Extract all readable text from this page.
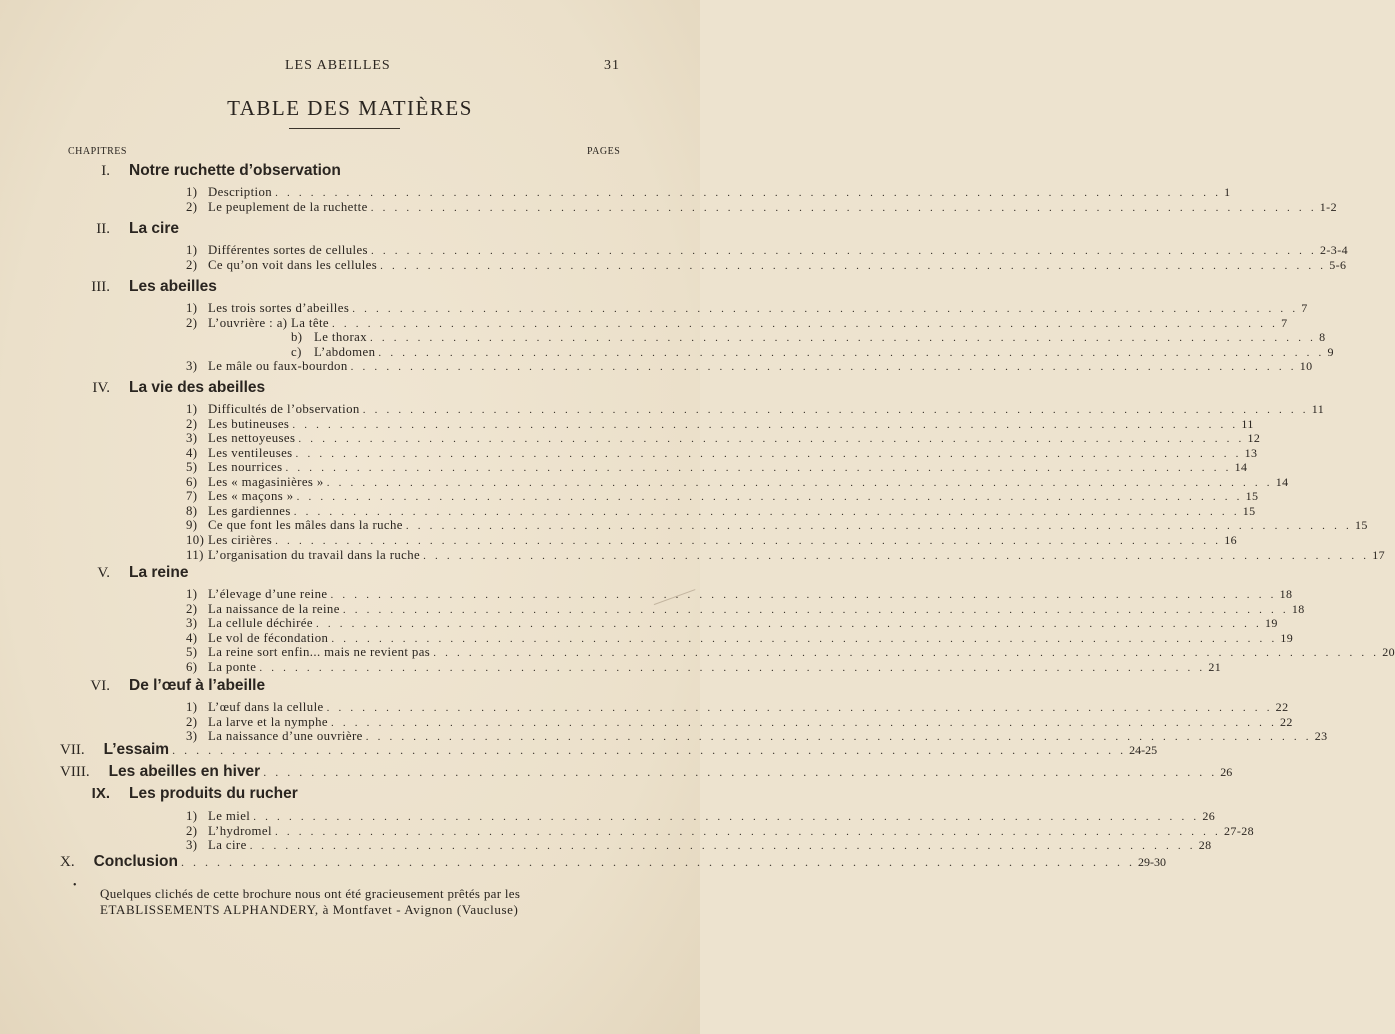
LES ABEILLES	31
TABLE DES MATIÈRES
CHAPITRES	PAGES
I. Notre ruchette d’observation
1) Description . . . . . . . . . . . . . . . . . . . . . . . . . . . . . . . . . . . . . . . . . . . . . . . . . . . . . . . . . . . . . . . . . . . . . . . . . . . . . . . . 1
2) Le peuplement de la ruchette . . . . . . . . . . . . . . . . . . . . . . . . . . . . . . . . . . . . . . . . . . . . . . . . . . . . . . . . . . . . . . . . . . . . . . . . . . . . . . . . 1-2
II. La cire
1) Différentes sortes de cellules . . . . . . . . . . . . . . . . . . . . . . . . . . . . . . . . . . . . . . . . . . . . . . . . . . . . . . . . . . . . . . . . . . . . . . . . . . . . . . . . 2-3-4
2) Ce qu’on voit dans les cellules . . . . . . . . . . . . . . . . . . . . . . . . . . . . . . . . . . . . . . . . . . . . . . . . . . . . . . . . . . . . . . . . . . . . . . . . . . . . . . . . 5-6
III. Les abeilles
1) Les trois sortes d’abeilles . . . . . . . . . . . . . . . . . . . . . . . . . . . . . . . . . . . . . . . . . . . . . . . . . . . . . . . . . . . . . . . . . . . . . . . . . . . . . . . . 7
2) L’ouvrière : a) La tête . . . . . . . . . . . . . . . . . . . . . . . . . . . . . . . . . . . . . . . . . . . . . . . . . . . . . . . . . . . . . . . . . . . . . . . . . . . . . . . . 7
b) Le thorax . . . . . . . . . . . . . . . . . . . . . . . . . . . . . . . . . . . . . . . . . . . . . . . . . . . . . . . . . . . . . . . . . . . . . . . . . . . . . . . . 8
c) L’abdomen . . . . . . . . . . . . . . . . . . . . . . . . . . . . . . . . . . . . . . . . . . . . . . . . . . . . . . . . . . . . . . . . . . . . . . . . . . . . . . . . 9
3) Le mâle ou faux-bourdon . . . . . . . . . . . . . . . . . . . . . . . . . . . . . . . . . . . . . . . . . . . . . . . . . . . . . . . . . . . . . . . . . . . . . . . . . . . . . . . . 10
IV. La vie des abeilles
1) Difficultés de l’observation . . . . . . . . . . . . . . . . . . . . . . . . . . . . . . . . . . . . . . . . . . . . . . . . . . . . . . . . . . . . . . . . . . . . . . . . . . . . . . . . 11
2) Les butineuses . . . . . . . . . . . . . . . . . . . . . . . . . . . . . . . . . . . . . . . . . . . . . . . . . . . . . . . . . . . . . . . . . . . . . . . . . . . . . . . . 11
3) Les nettoyeuses . . . . . . . . . . . . . . . . . . . . . . . . . . . . . . . . . . . . . . . . . . . . . . . . . . . . . . . . . . . . . . . . . . . . . . . . . . . . . . . . 12
4) Les ventileuses . . . . . . . . . . . . . . . . . . . . . . . . . . . . . . . . . . . . . . . . . . . . . . . . . . . . . . . . . . . . . . . . . . . . . . . . . . . . . . . . 13
5) Les nourrices . . . . . . . . . . . . . . . . . . . . . . . . . . . . . . . . . . . . . . . . . . . . . . . . . . . . . . . . . . . . . . . . . . . . . . . . . . . . . . . . 14
6) Les « magasinières » . . . . . . . . . . . . . . . . . . . . . . . . . . . . . . . . . . . . . . . . . . . . . . . . . . . . . . . . . . . . . . . . . . . . . . . . . . . . . . . . 14
7) Les « maçons » . . . . . . . . . . . . . . . . . . . . . . . . . . . . . . . . . . . . . . . . . . . . . . . . . . . . . . . . . . . . . . . . . . . . . . . . . . . . . . . . 15
8) Les gardiennes . . . . . . . . . . . . . . . . . . . . . . . . . . . . . . . . . . . . . . . . . . . . . . . . . . . . . . . . . . . . . . . . . . . . . . . . . . . . . . . . 15
9) Ce que font les mâles dans la ruche . . . . . . . . . . . . . . . . . . . . . . . . . . . . . . . . . . . . . . . . . . . . . . . . . . . . . . . . . . . . . . . . . . . . . . . . . . . . . . . . 15
10) Les cirières . . . . . . . . . . . . . . . . . . . . . . . . . . . . . . . . . . . . . . . . . . . . . . . . . . . . . . . . . . . . . . . . . . . . . . . . . . . . . . . . 16
11) L’organisation du travail dans la ruche . . . . . . . . . . . . . . . . . . . . . . . . . . . . . . . . . . . . . . . . . . . . . . . . . . . . . . . . . . . . . . . . . . . . . . . . . . . . . . . . 17
V. La reine
1) L’élevage d’une reine . . . . . . . . . . . . . . . . . . . . . . . . . . . . . . . . . . . . . . . . . . . . . . . . . . . . . . . . . . . . . . . . . . . . . . . . . . . . . . . . 18
2) La naissance de la reine . . . . . . . . . . . . . . . . . . . . . . . . . . . . . . . . . . . . . . . . . . . . . . . . . . . . . . . . . . . . . . . . . . . . . . . . . . . . . . . . 18
3) La cellule déchirée . . . . . . . . . . . . . . . . . . . . . . . . . . . . . . . . . . . . . . . . . . . . . . . . . . . . . . . . . . . . . . . . . . . . . . . . . . . . . . . . 19
4) Le vol de fécondation . . . . . . . . . . . . . . . . . . . . . . . . . . . . . . . . . . . . . . . . . . . . . . . . . . . . . . . . . . . . . . . . . . . . . . . . . . . . . . . . 19
5) La reine sort enfin... mais ne revient pas . . . . . . . . . . . . . . . . . . . . . . . . . . . . . . . . . . . . . . . . . . . . . . . . . . . . . . . . . . . . . . . . . . . . . . . . . . . . . . . . 20
6) La ponte . . . . . . . . . . . . . . . . . . . . . . . . . . . . . . . . . . . . . . . . . . . . . . . . . . . . . . . . . . . . . . . . . . . . . . . . . . . . . . . . 21
VI. De l’œuf à l’abeille
1) L’œuf dans la cellule . . . . . . . . . . . . . . . . . . . . . . . . . . . . . . . . . . . . . . . . . . . . . . . . . . . . . . . . . . . . . . . . . . . . . . . . . . . . . . . . 22
2) La larve et la nymphe . . . . . . . . . . . . . . . . . . . . . . . . . . . . . . . . . . . . . . . . . . . . . . . . . . . . . . . . . . . . . . . . . . . . . . . . . . . . . . . . 22
3) La naissance d’une ouvrière . . . . . . . . . . . . . . . . . . . . . . . . . . . . . . . . . . . . . . . . . . . . . . . . . . . . . . . . . . . . . . . . . . . . . . . . . . . . . . . . 23
VII. L’essaim . . . . . . . . . . . . . . . . . . . . . . . . . . . . . . . . . . . . . . . . . . . . . . . . . . . . . . . . . . . . . . . . . . . . . . . . . . . . . . . . 24-25
VIII. Les abeilles en hiver . . . . . . . . . . . . . . . . . . . . . . . . . . . . . . . . . . . . . . . . . . . . . . . . . . . . . . . . . . . . . . . . . . . . . . . . . . . . . . . . 26
IX. Les produits du rucher
1) Le miel . . . . . . . . . . . . . . . . . . . . . . . . . . . . . . . . . . . . . . . . . . . . . . . . . . . . . . . . . . . . . . . . . . . . . . . . . . . . . . . . 26
2) L’hydromel . . . . . . . . . . . . . . . . . . . . . . . . . . . . . . . . . . . . . . . . . . . . . . . . . . . . . . . . . . . . . . . . . . . . . . . . . . . . . . . . 27-28
3) La cire . . . . . . . . . . . . . . . . . . . . . . . . . . . . . . . . . . . . . . . . . . . . . . . . . . . . . . . . . . . . . . . . . . . . . . . . . . . . . . . . 28
X. Conclusion . . . . . . . . . . . . . . . . . . . . . . . . . . . . . . . . . . . . . . . . . . . . . . . . . . . . . . . . . . . . . . . . . . . . . . . . . . . . . . . . 29-30
•
Quelques clichés de cette brochure nous ont été gracieusement prêtés par les
ETABLISSEMENTS ALPHANDERY, à Montfavet - Avignon (Vaucluse)
